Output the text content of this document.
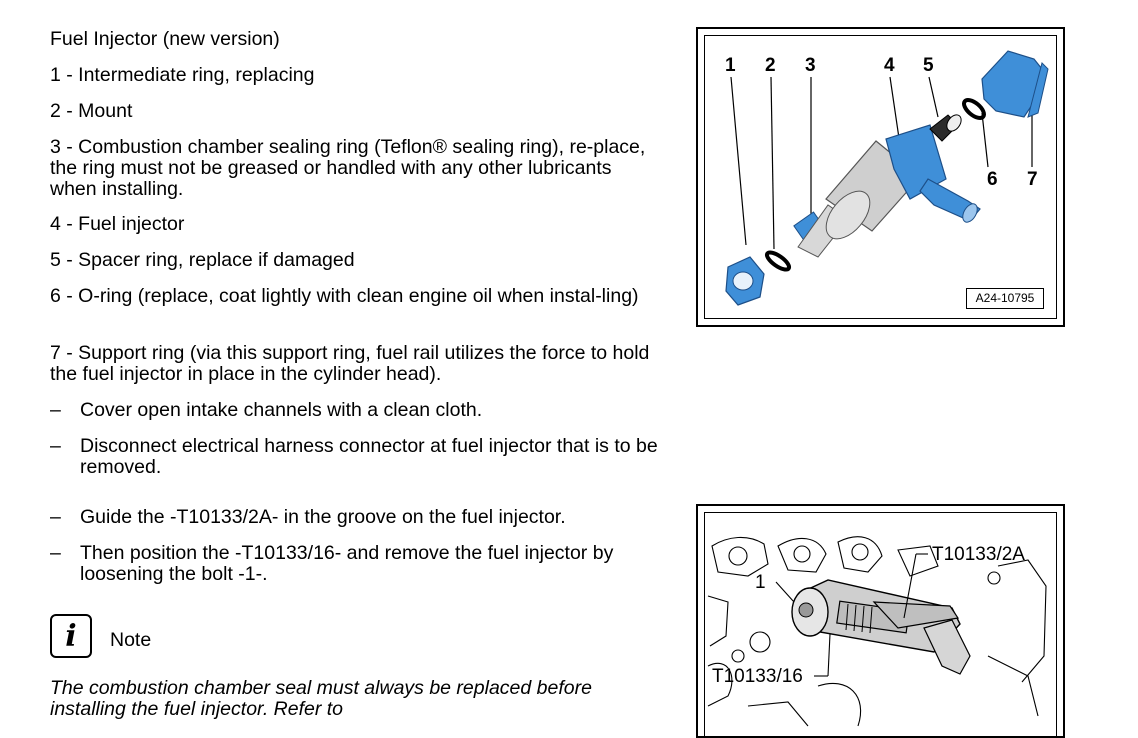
Fuel Injector (new version)
1 - Intermediate ring, replacing
2 - Mount
3 - Combustion chamber sealing ring (Teflon® sealing ring), re-place, the ring must not be greased or handled with any other lubricants when installing.
4 - Fuel injector
5 - Spacer ring, replace if damaged
6 - O-ring (replace, coat lightly with clean engine oil when instal-ling)
7 - Support ring (via this support ring, fuel rail utilizes the force to hold the fuel injector in place in the cylinder head).
– Cover open intake channels with a clean cloth.
– Disconnect electrical harness connector at fuel injector that is to be removed.
– Guide the -T10133/2A- in the groove on the fuel injector.
– Then position the -T10133/16- and remove the fuel injector by loosening the bolt -1-.
i	Note
The combustion chamber seal must always be replaced before installing the fuel injector. Refer to
1 2 3	4 5
6 7
A24-10795
T10133/2A
1
T10133/16
